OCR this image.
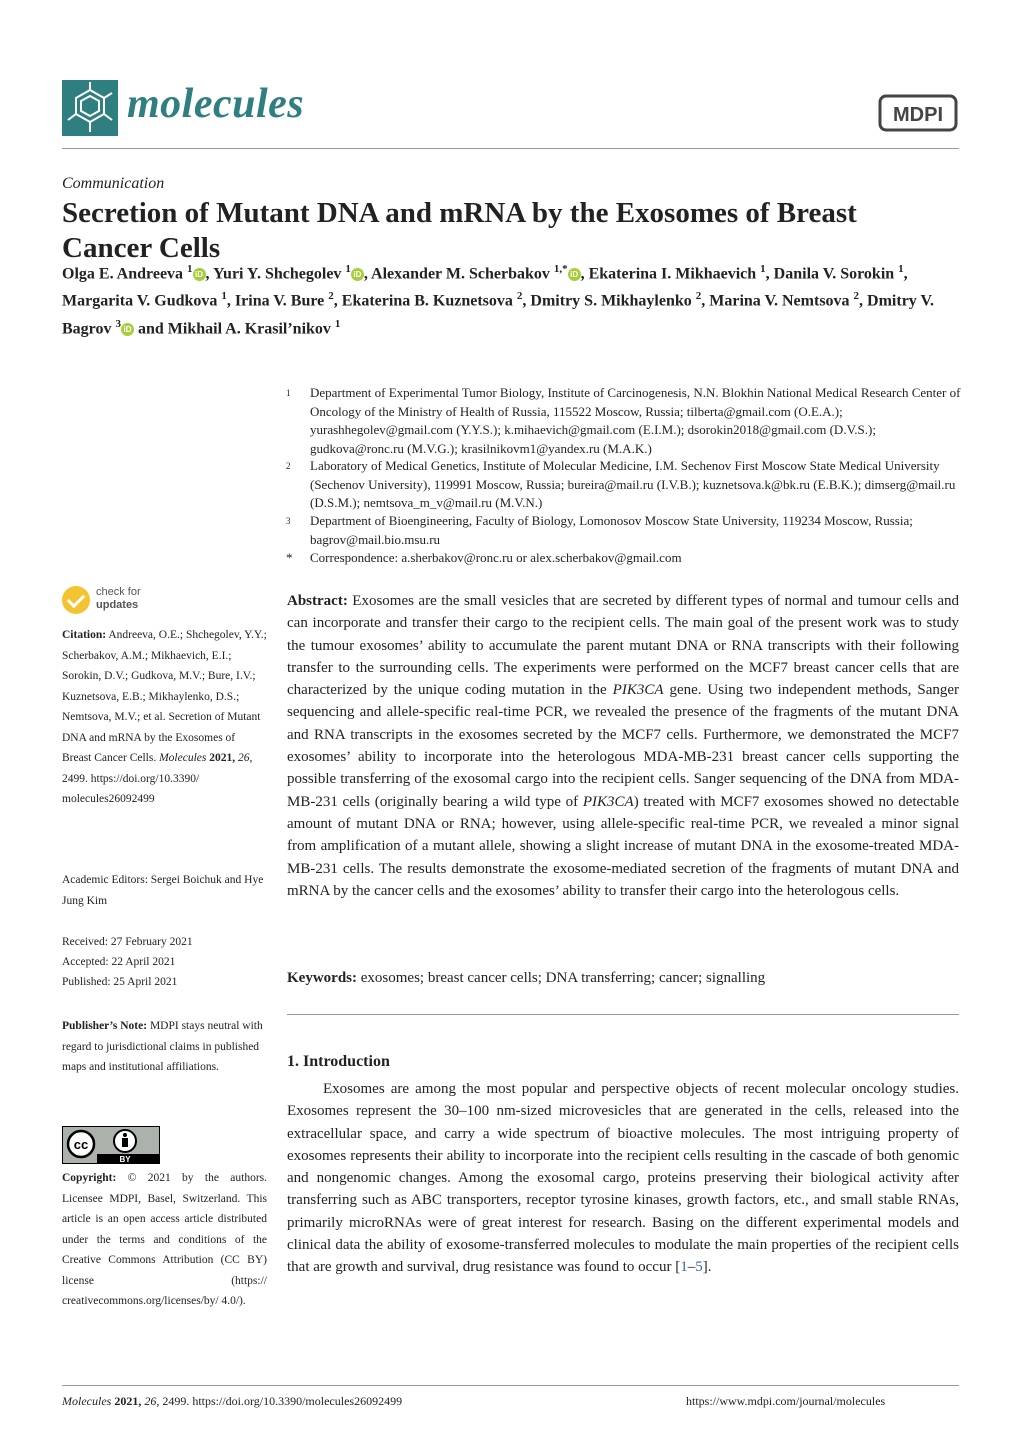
molecules	MDPI
Communication
Secretion of Mutant DNA and mRNA by the Exosomes of Breast Cancer Cells
Olga E. Andreeva $^1$ iD , Yuri Y. Shchegolev $^1$ iD , Alexander M. Scherbakov $^{1,*}$ iD , Ekaterina I. Mikhaevich $^1$, Danila V. Sorokin $^1$, Margarita V. Gudkova $^1$, Irina V. Bure $^2$, Ekaterina B. Kuznetsova $^2$, Dmitry S. Mikhaylenko $^2$, Marina V. Nemtsova $^2$, Dmitry V. Bagrov $^3$ iD and Mikhail A. Krasil’nikov $^1$
1 Department of Experimental Tumor Biology, Institute of Carcinogenesis, N.N. Blokhin National Medical Research Center of Oncology of the Ministry of Health of Russia, 115522 Moscow, Russia; tilberta@gmail.com (O.E.A.); yurashhegolev@gmail.com (Y.Y.S.); k.mihaevich@gmail.com (E.I.M.); dsorokin2018@gmail.com (D.V.S.); gudkova@ronc.ru (M.V.G.); krasilnikovm1@yandex.ru (M.A.K.)
2 Laboratory of Medical Genetics, Institute of Molecular Medicine, I.M. Sechenov First Moscow State Medical University (Sechenov University), 119991 Moscow, Russia; bureira@mail.ru (I.V.B.); kuznetsova.k@bk.ru (E.B.K.); dimserg@mail.ru (D.S.M.); nemtsova_m_v@mail.ru (M.V.N.)
3 Department of Bioengineering, Faculty of Biology, Lomonosov Moscow State University, 119234 Moscow, Russia; bagrov@mail.bio.msu.ru
* Correspondence: a.sherbakov@ronc.ru or alex.scherbakov@gmail.com
check for
updates
Citation: Andreeva, O.E.; Shchegolev, Y.Y.; Scherbakov, A.M.; Mikhaevich, E.I.; Sorokin, D.V.; Gudkova, M.V.; Bure, I.V.; Kuznetsova, E.B.; Mikhaylenko, D.S.; Nemtsova, M.V.; et al. Secretion of Mutant DNA and mRNA by the Exosomes of Breast Cancer Cells. Molecules 2021, 26, 2499. https://doi.org/10.3390/ molecules26092499
Academic Editors: Sergei Boichuk and Hye Jung Kim
Received: 27 February 2021
Accepted: 22 April 2021
Published: 25 April 2021
Publisher’s Note: MDPI stays neutral with regard to jurisdictional claims in published maps and institutional affiliations.
cc
BY
Copyright: © 2021 by the authors. Licensee MDPI, Basel, Switzerland. This article is an open access article distributed under the terms and conditions of the Creative Commons Attribution (CC BY) license (https:// creativecommons.org/licenses/by/ 4.0/).
Abstract: Exosomes are the small vesicles that are secreted by different types of normal and tumour cells and can incorporate and transfer their cargo to the recipient cells. The main goal of the present work was to study the tumour exosomes’ ability to accumulate the parent mutant DNA or RNA transcripts with their following transfer to the surrounding cells. The experiments were performed on the MCF7 breast cancer cells that are characterized by the unique coding mutation in the PIK3CA gene. Using two independent methods, Sanger sequencing and allele-specific real-time PCR, we revealed the presence of the fragments of the mutant DNA and RNA transcripts in the exosomes secreted by the MCF7 cells. Furthermore, we demonstrated the MCF7 exosomes’ ability to incorporate into the heterologous MDA-MB-231 breast cancer cells supporting the possible transferring of the exosomal cargo into the recipient cells. Sanger sequencing of the DNA from MDA-MB-231 cells (originally bearing a wild type of PIK3CA) treated with MCF7 exosomes showed no detectable amount of mutant DNA or RNA; however, using allele-specific real-time PCR, we revealed a minor signal from amplification of a mutant allele, showing a slight increase of mutant DNA in the exosome-treated MDA-MB-231 cells. The results demonstrate the exosome-mediated secretion of the fragments of mutant DNA and mRNA by the cancer cells and the exosomes’ ability to transfer their cargo into the heterologous cells.
Keywords: exosomes; breast cancer cells; DNA transferring; cancer; signalling
1. Introduction
Exosomes are among the most popular and perspective objects of recent molecular oncology studies. Exosomes represent the 30–100 nm-sized microvesicles that are generated in the cells, released into the extracellular space, and carry a wide spectrum of bioactive molecules. The most intriguing property of exosomes represents their ability to incorporate into the recipient cells resulting in the cascade of both genomic and nongenomic changes. Among the exosomal cargo, proteins preserving their biological activity after transferring such as ABC transporters, receptor tyrosine kinases, growth factors, etc., and small stable RNAs, primarily microRNAs were of great interest for research. Basing on the different experimental models and clinical data the ability of exosome-transferred molecules to modulate the main properties of the recipient cells that are growth and survival, drug resistance was found to occur [1–5].
Molecules 2021, 26, 2499. https://doi.org/10.3390/molecules26092499	https://www.mdpi.com/journal/molecules
